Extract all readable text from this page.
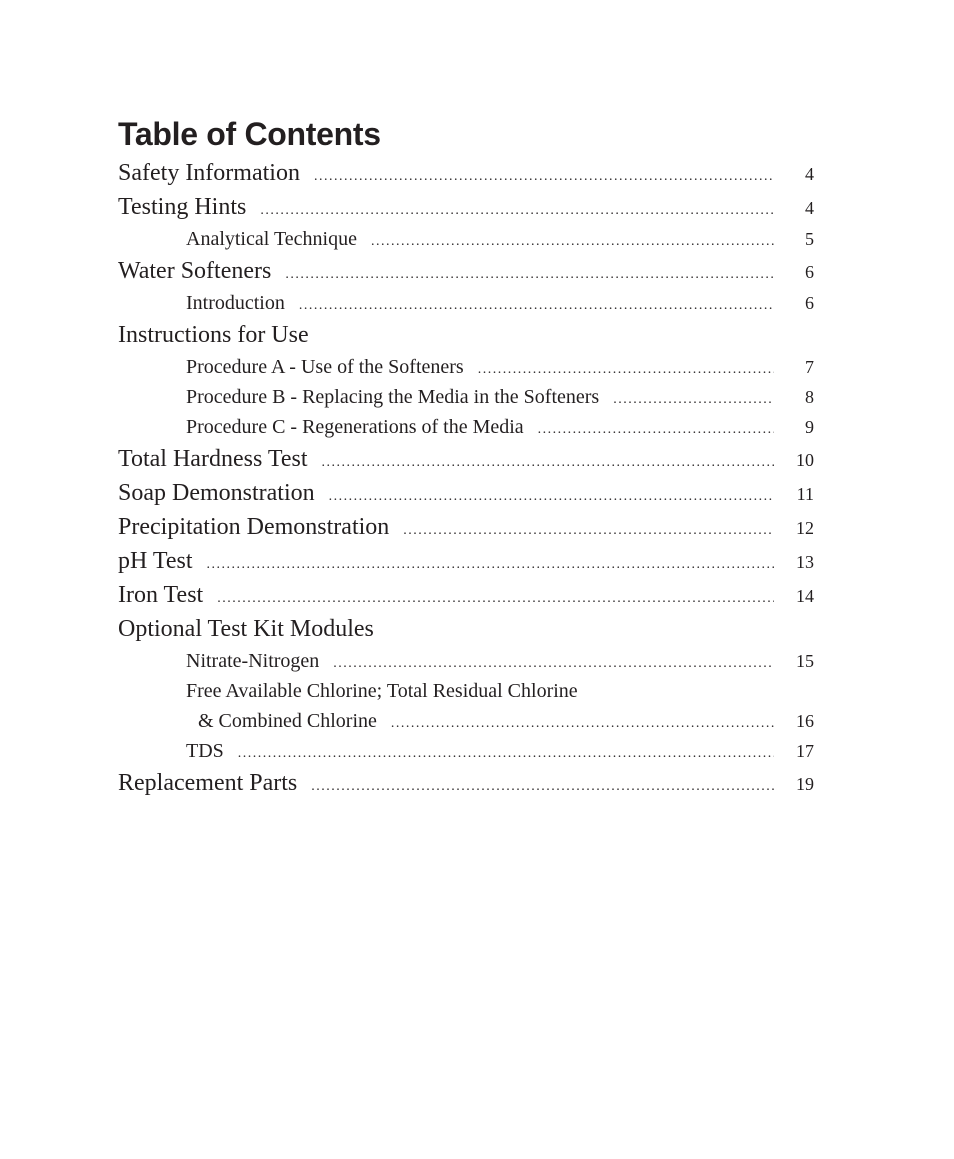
Table of Contents
Safety Information .....	4
Testing Hints .....	4
Analytical Technique .....	5
Water Softeners .....	6
Introduction .....	6
Instructions for Use
Procedure A - Use of the Softeners .....	7
Procedure B - Replacing the Media in the Softeners .....	8
Procedure C - Regenerations of the Media .....	9
Total Hardness Test .....	10
Soap Demonstration .....	11
Precipitation Demonstration .....	12
pH Test .....	13
Iron Test .....	14
Optional Test Kit Modules
Nitrate-Nitrogen .....	15
Free Available Chlorine; Total Residual Chlorine
& Combined Chlorine .....	16
TDS .....	17
Replacement Parts .....	19
